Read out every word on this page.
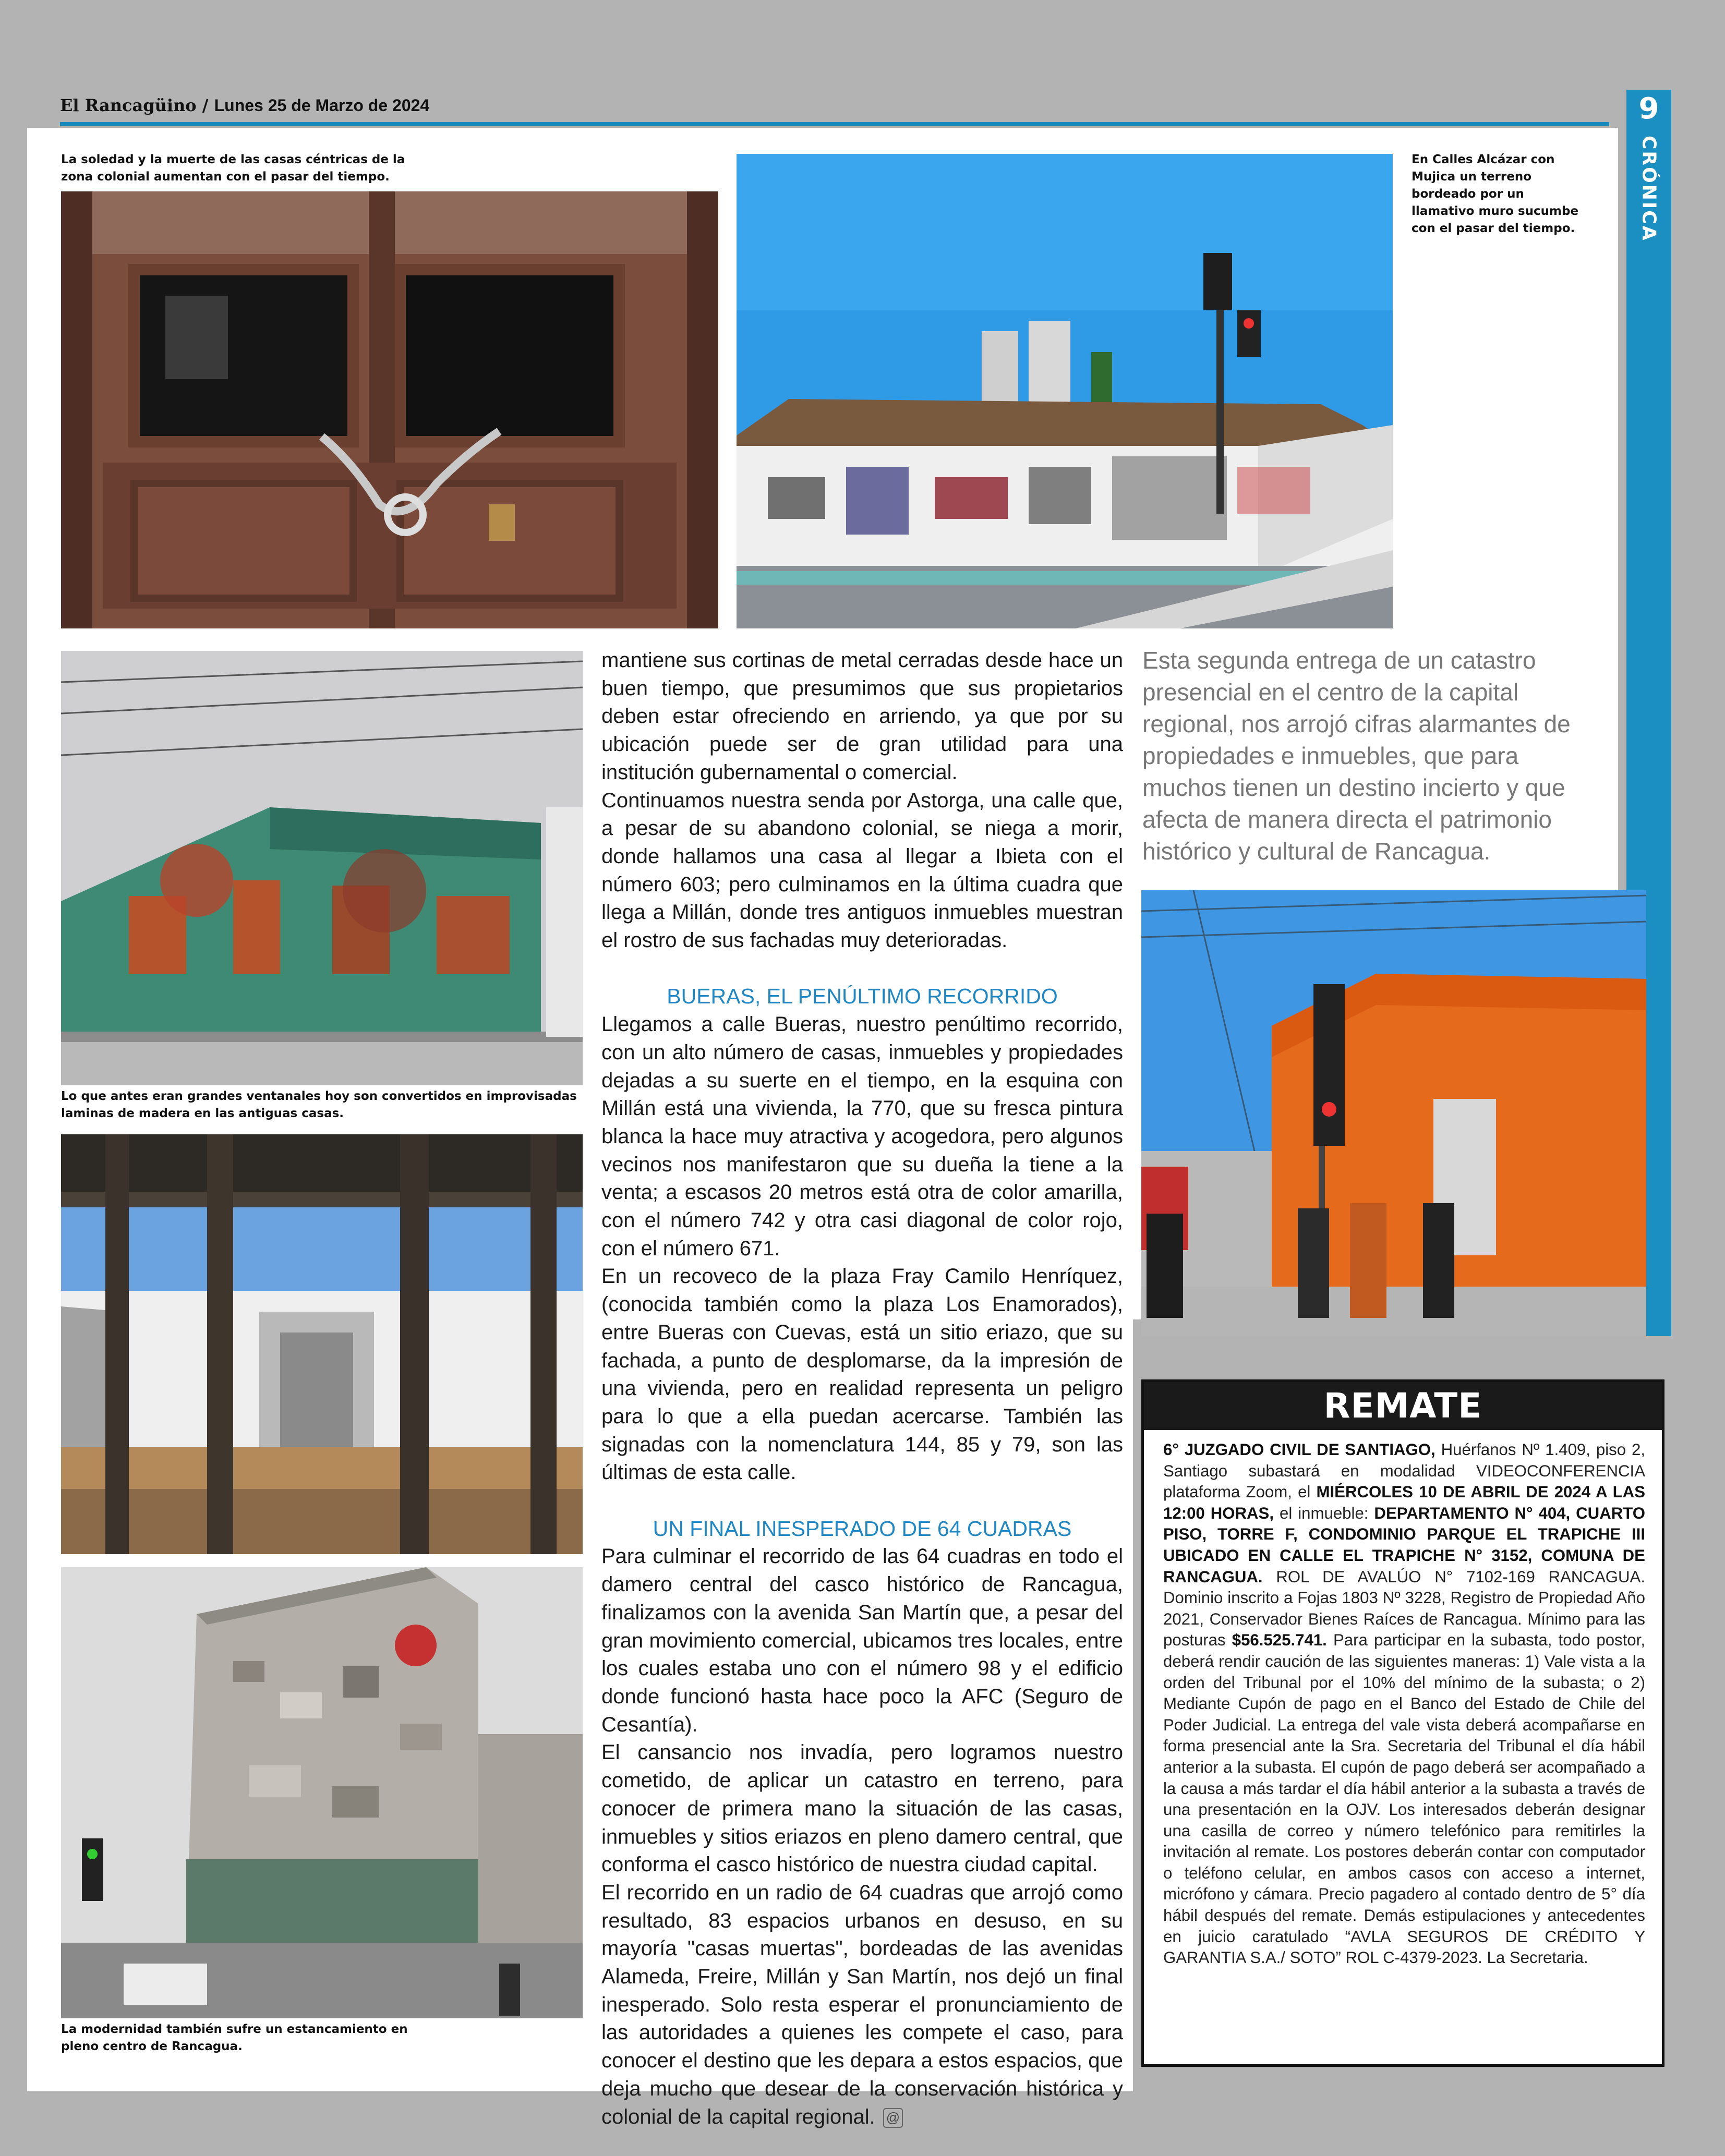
El Rancagüino / Lunes 25 de Marzo de 2024	9
CRÓNICA
La soledad y la muerte de las casas céntricas de la zona colonial aumentan con el pasar del tiempo.
En Calles Alcázar con Mujica un terreno bordeado por un llamativo muro sucumbe con el pasar del tiempo.
Lo que antes eran grandes ventanales hoy son convertidos en improvisadas laminas de madera en las antiguas casas.
La modernidad también sufre un estancamiento en pleno centro de Rancagua.

mantiene sus cortinas de metal cerradas desde hace un buen tiempo, que presumimos que sus propietarios deben estar ofreciendo en arriendo, ya que por su ubicación puede ser de gran utilidad para una institución gubernamental o comercial.

Continuamos nuestra senda por Astorga, una calle que, a pesar de su abandono colonial, se niega a morir, donde hallamos una casa al llegar a Ibieta con el número 603; pero culminamos en la última cuadra que llega a Millán, donde tres antiguos inmuebles muestran el rostro de sus fachadas muy deterioradas.

BUERAS, EL PENÚLTIMO RECORRIDO

Llegamos a calle Bueras, nuestro penúltimo recorrido, con un alto número de casas, inmuebles y propiedades dejadas a su suerte en el tiempo, en la esquina con Millán está una vivienda, la 770, que su fresca pintura blanca la hace muy atractiva y acogedora, pero algunos vecinos nos manifestaron que su dueña la tiene a la venta; a escasos 20 metros está otra de color amarilla, con el número 742 y otra casi diagonal de color rojo, con el número 671.

En un recoveco de la plaza Fray Camilo Henríquez, (conocida también como la plaza Los Enamorados), entre Bueras con Cuevas, está un sitio eriazo, que su fachada, a punto de desplomarse, da la impresión de una vivienda, pero en realidad representa un peligro para lo que a ella puedan acercarse. También las signadas con la nomenclatura 144, 85 y 79, son las últimas de esta calle.

UN FINAL INESPERADO DE 64 CUADRAS

Para culminar el recorrido de las 64 cuadras en todo el damero central del casco histórico de Rancagua, finalizamos con la avenida San Martín que, a pesar del gran movimiento comercial, ubicamos tres locales, entre los cuales estaba uno con el número 98 y el edificio donde funcionó hasta hace poco la AFC (Seguro de Cesantía).

El cansancio nos invadía, pero logramos nuestro cometido, de aplicar un catastro en terreno, para conocer de primera mano la situación de las casas, inmuebles y sitios eriazos en pleno damero central, que conforma el casco histórico de nuestra ciudad capital.

El recorrido en un radio de 64 cuadras que arrojó como resultado, 83 espacios urbanos en desuso, en su mayoría "casas muertas", bordeadas de las avenidas Alameda, Freire, Millán y San Martín, nos dejó un final inesperado. Solo resta esperar el pronunciamiento de las autoridades a quienes les compete el caso, para conocer el destino que les depara a estos espacios, que deja mucho que desear de la conservación histórica y colonial de la capital regional. @

Esta segunda entrega de un catastro presencial en el centro de la capital regional, nos arrojó cifras alarmantes de propiedades e inmuebles, que para muchos tienen un destino incierto y que afecta de manera directa el patrimonio histórico y cultural de Rancagua.
REMATE
6° JUZGADO CIVIL DE SANTIAGO, Huérfanos Nº 1.409, piso 2, Santiago subastará en modalidad VIDEOCONFERENCIA plataforma Zoom, el MIÉRCOLES 10 DE ABRIL DE 2024 A LAS 12:00 HORAS, el inmueble: DEPARTAMENTO N° 404, CUARTO PISO, TORRE F, CONDOMINIO PARQUE EL TRAPICHE III UBICADO EN CALLE EL TRAPICHE N° 3152, COMUNA DE RANCAGUA. ROL DE AVALÚO N° 7102-169 RANCAGUA. Dominio inscrito a Fojas 1803 Nº 3228, Registro de Propiedad Año 2021, Conservador Bienes Raíces de Rancagua. Mínimo para las posturas $56.525.741. Para participar en la subasta, todo postor, deberá rendir caución de las siguientes maneras: 1) Vale vista a la orden del Tribunal por el 10% del mínimo de la subasta; o 2) Mediante Cupón de pago en el Banco del Estado de Chile del Poder Judicial. La entrega del vale vista deberá acompañarse en forma presencial ante la Sra. Secretaria del Tribunal el día hábil anterior a la subasta. El cupón de pago deberá ser acompañado a la causa a más tardar el día hábil anterior a la subasta a través de una presentación en la OJV. Los interesados deberán designar una casilla de correo y número telefónico para remitirles la invitación al remate. Los postores deberán contar con computador o teléfono celular, en ambos casos con acceso a internet, micrófono y cámara. Precio pagadero al contado dentro de 5° día hábil después del remate. Demás estipulaciones y antecedentes en juicio caratulado “AVLA SEGUROS DE CRÉDITO Y GARANTIA S.A./ SOTO” ROL C-4379-2023. La Secretaria.
